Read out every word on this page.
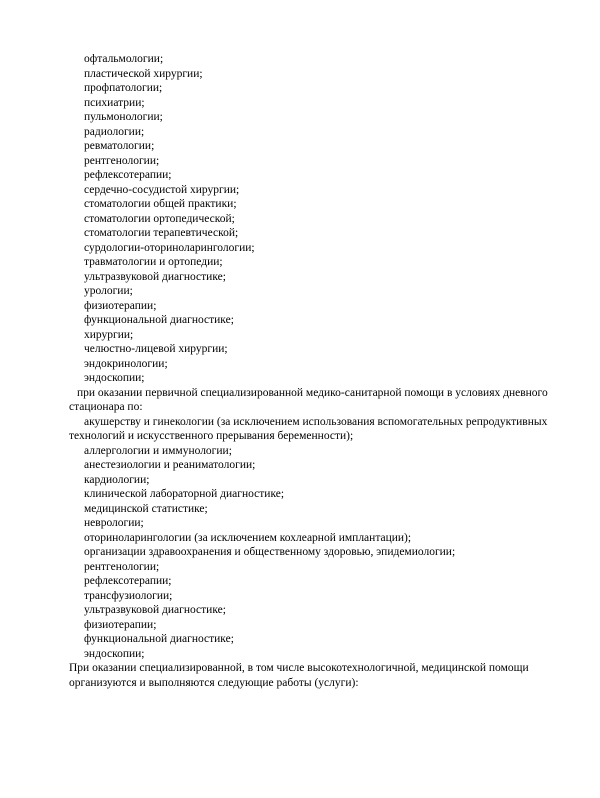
офтальмологии;
пластической хирургии;
профпатологии;
психиатрии;
пульмонологии;
радиологии;
ревматологии;
рентгенологии;
рефлексотерапии;
сердечно-сосудистой хирургии;
стоматологии общей практики;
стоматологии ортопедической;
стоматологии терапевтической;
сурдологии-оториноларингологии;
травматологии и ортопедии;
ультразвуковой диагностике;
урологии;
физиотерапии;
функциональной диагностике;
хирургии;
челюстно-лицевой хирургии;
эндокринологии;
эндоскопии;
при оказании первичной специализированной медико-санитарной помощи в условиях дневного
стационара по:
акушерству и гинекологии (за исключением использования вспомогательных репродуктивных
технологий и искусственного прерывания беременности);
аллергологии и иммунологии;
анестезиологии и реаниматологии;
кардиологии;
клинической лабораторной диагностике;
медицинской статистике;
неврологии;
оториноларингологии (за исключением кохлеарной имплантации);
организации здравоохранения и общественному здоровью, эпидемиологии;
рентгенологии;
рефлексотерапии;
трансфузиологии;
ультразвуковой диагностике;
физиотерапии;
функциональной диагностике;
эндоскопии;
При оказании специализированной, в том числе высокотехнологичной, медицинской помощи
организуются и выполняются следующие работы (услуги):
